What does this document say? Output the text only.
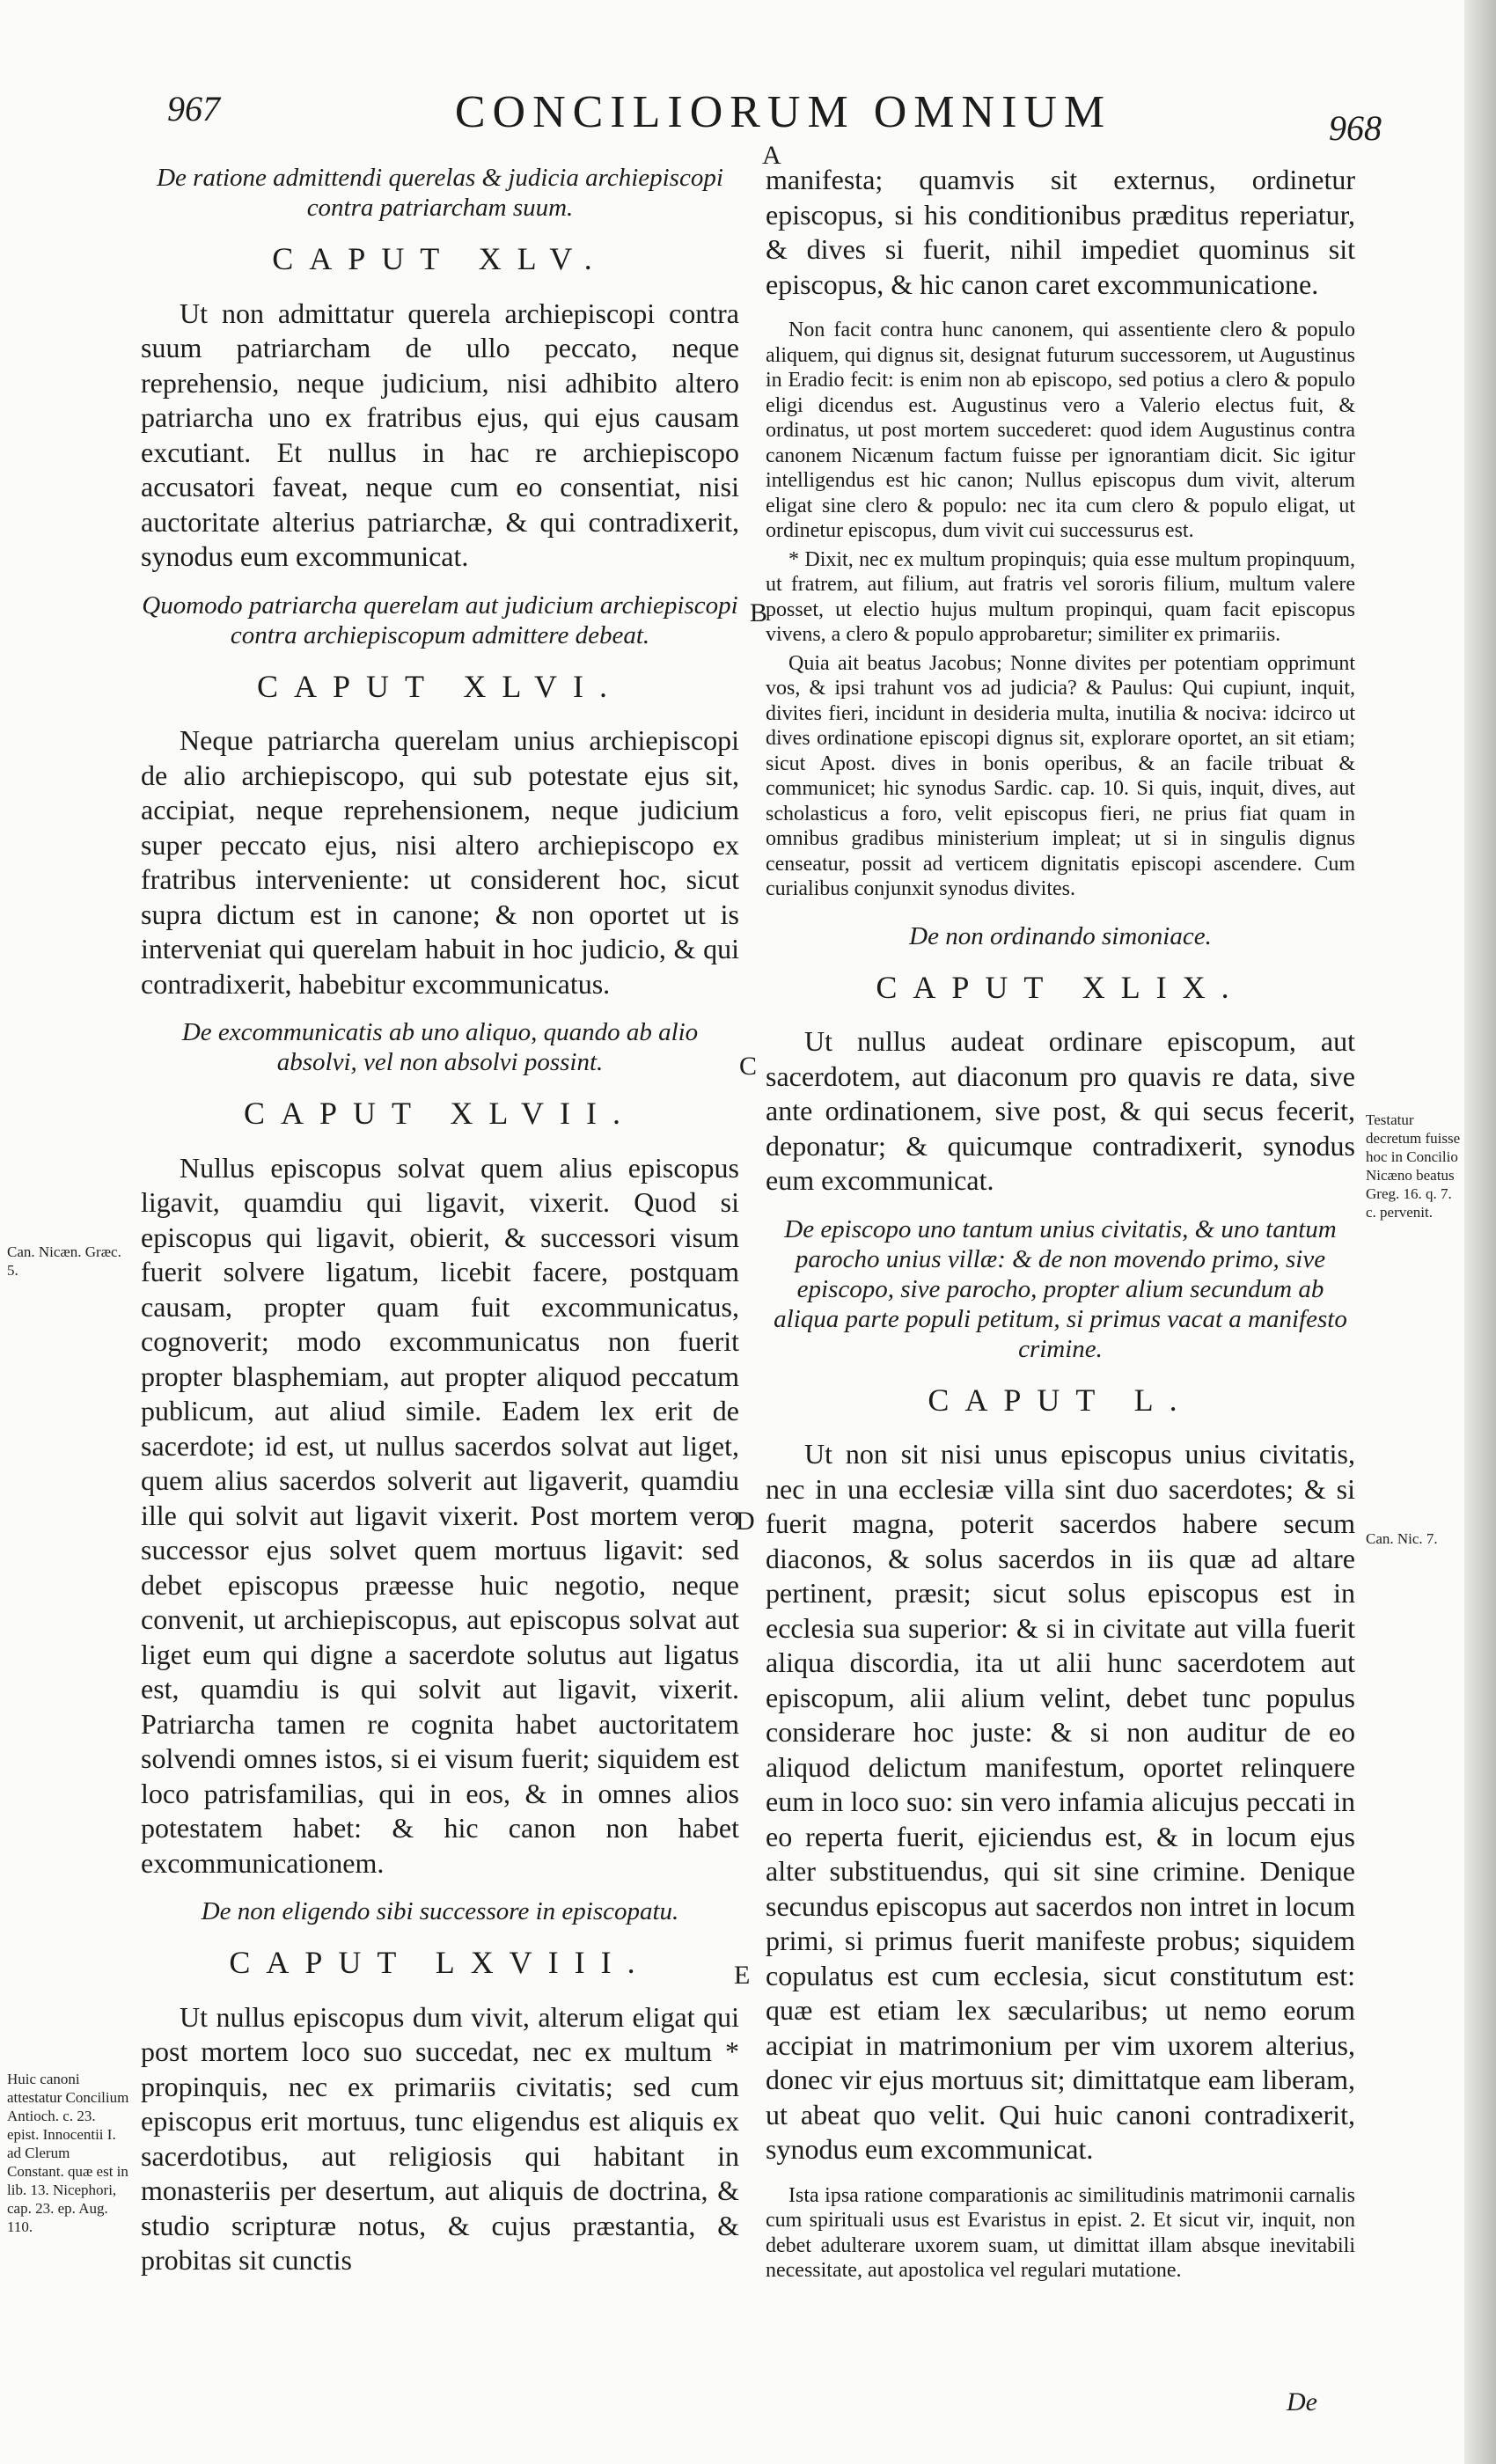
967	CONCILIORUM OMNIUM	968
De ratione admittendi querelas & judicia archiepiscopi contra patriarcham suum.
CAPUT XLV.

Ut non admittatur querela archiepiscopi contra suum patriarcham de ullo peccato, neque reprehensio, neque judicium, nisi adhibito altero patriarcha uno ex fratribus ejus, qui ejus causam excutiant. Et nullus in hac re archiepiscopo accusatori faveat, neque cum eo consentiat, nisi auctoritate alterius patriarchæ, & qui contradixerit, synodus eum excommunicat.

Quomodo patriarcha querelam aut judicium archiepiscopi contra archiepiscopum admittere debeat.
CAPUT XLVI.

Neque patriarcha querelam unius archiepiscopi de alio archiepiscopo, qui sub potestate ejus sit, accipiat, neque reprehensionem, neque judicium super peccato ejus, nisi altero archiepiscopo ex fratribus interveniente: ut considerent hoc, sicut supra dictum est in canone; & non oportet ut is interveniat qui querelam habuit in hoc judicio, & qui contradixerit, habebitur excommunicatus.

De excommunicatis ab uno aliquo, quando ab alio absolvi, vel non absolvi possint.
CAPUT XLVII.

Nullus episcopus solvat quem alius episcopus ligavit, quamdiu qui ligavit, vixerit. Quod si episcopus qui ligavit, obierit, & successori visum fuerit solvere ligatum, licebit facere, postquam causam, propter quam fuit excommunicatus, cognoverit; modo excommunicatus non fuerit propter blasphemiam, aut propter aliquod peccatum publicum, aut aliud simile. Eadem lex erit de sacerdote; id est, ut nullus sacerdos solvat aut liget, quem alius sacerdos solverit aut ligaverit, quamdiu ille qui solvit aut ligavit vixerit. Post mortem vero successor ejus solvet quem mortuus ligavit: sed debet episcopus præesse huic negotio, neque convenit, ut archiepiscopus, aut episcopus solvat aut liget eum qui digne a sacerdote solutus aut ligatus est, quamdiu is qui solvit aut ligavit, vixerit. Patriarcha tamen re cognita habet auctoritatem solvendi omnes istos, si ei visum fuerit; siquidem est loco patrisfamilias, qui in eos, & in omnes alios potestatem habet: & hic canon non habet excommunicationem.

De non eligendo sibi successore in episcopatu.
CAPUT LXVIII.

Ut nullus episcopus dum vivit, alterum eligat qui post mortem loco suo succedat, nec ex multum * propinquis, nec ex primariis civitatis; sed cum episcopus erit mortuus, tunc eligendus est aliquis ex sacerdotibus, aut religiosis qui habitant in monasteriis per desertum, aut aliquis de doctrina, & studio scripturæ notus, & cujus præstantia, & probitas sit cunctis

manifesta; quamvis sit externus, ordinetur episcopus, si his conditionibus præditus reperiatur, & dives si fuerit, nihil impediet quominus sit episcopus, & hic canon caret excommunicatione.

Non facit contra hunc canonem, qui assentiente clero & populo aliquem, qui dignus sit, designat futurum successorem, ut Augustinus in Eradio fecit: is enim non ab episcopo, sed potius a clero & populo eligi dicendus est. Augustinus vero a Valerio electus fuit, & ordinatus, ut post mortem succederet: quod idem Augustinus contra canonem Nicænum factum fuisse per ignorantiam dicit. Sic igitur intelligendus est hic canon; Nullus episcopus dum vivit, alterum eligat sine clero & populo: nec ita cum clero & populo eligat, ut ordinetur episcopus, dum vivit cui successurus est.

* Dixit, nec ex multum propinquis; quia esse multum propinquum, ut fratrem, aut filium, aut fratris vel sororis filium, multum valere posset, ut electio hujus multum propinqui, quam facit episcopus vivens, a clero & populo approbaretur; similiter ex primariis.

Quia ait beatus Jacobus; Nonne divites per potentiam opprimunt vos, & ipsi trahunt vos ad judicia? & Paulus: Qui cupiunt, inquit, divites fieri, incidunt in desideria multa, inutilia & nociva: idcirco ut dives ordinatione episcopi dignus sit, explorare oportet, an sit etiam; sicut Apost. dives in bonis operibus, & an facile tribuat & communicet; hic synodus Sardic. cap. 10. Si quis, inquit, dives, aut scholasticus a foro, velit episcopus fieri, ne prius fiat quam in omnibus gradibus ministerium impleat; ut si in singulis dignus censeatur, possit ad verticem dignitatis episcopi ascendere. Cum curialibus conjunxit synodus divites.

De non ordinando simoniace.
CAPUT XLIX.

Ut nullus audeat ordinare episcopum, aut sacerdotem, aut diaconum pro quavis re data, sive ante ordinationem, sive post, & qui secus fecerit, deponatur; & quicumque contradixerit, synodus eum excommunicat.

De episcopo uno tantum unius civitatis, & uno tantum parocho unius villæ: & de non movendo primo, sive episcopo, sive parocho, propter alium secundum ab aliqua parte populi petitum, si primus vacat a manifesto crimine.
CAPUT L.

Ut non sit nisi unus episcopus unius civitatis, nec in una ecclesiæ villa sint duo sacerdotes; & si fuerit magna, poterit sacerdos habere secum diaconos, & solus sacerdos in iis quæ ad altare pertinent, præsit; sicut solus episcopus est in ecclesia sua superior: & si in civitate aut villa fuerit aliqua discordia, ita ut alii hunc sacerdotem aut episcopum, alii alium velint, debet tunc populus considerare hoc juste: & si non auditur de eo aliquod delictum manifestum, oportet relinquere eum in loco suo: sin vero infamia alicujus peccati in eo reperta fuerit, ejiciendus est, & in locum ejus alter substituendus, qui sit sine crimine. Denique secundus episcopus aut sacerdos non intret in locum primi, si primus fuerit manifeste probus; siquidem copulatus est cum ecclesia, sicut constitutum est: quæ est etiam lex sæcularibus; ut nemo eorum accipiat in matrimonium per vim uxorem alterius, donec vir ejus mortuus sit; dimittatque eam liberam, ut abeat quo velit. Qui huic canoni contradixerit, synodus eum excommunicat.

Ista ipsa ratione comparationis ac similitudinis matrimonii carnalis cum spirituali usus est Evaristus in epist. 2. Et sicut vir, inquit, non debet adulterare uxorem suam, ut dimittat illam absque inevitabili necessitate, aut apostolica vel regulari mutatione.

A
B
C
D
E
Can. Nicæn. Græc. 5.
Huic canoni attestatur Concilium Antioch. c. 23. epist. Innocentii I. ad Clerum Constant. quæ est in lib. 13. Nicephori, cap. 23. ep. Aug. 110.
Testatur decretum fuisse hoc in Concilio Nicæno beatus Greg. 16. q. 7. c. pervenit.
Can. Nic. 7.
De
